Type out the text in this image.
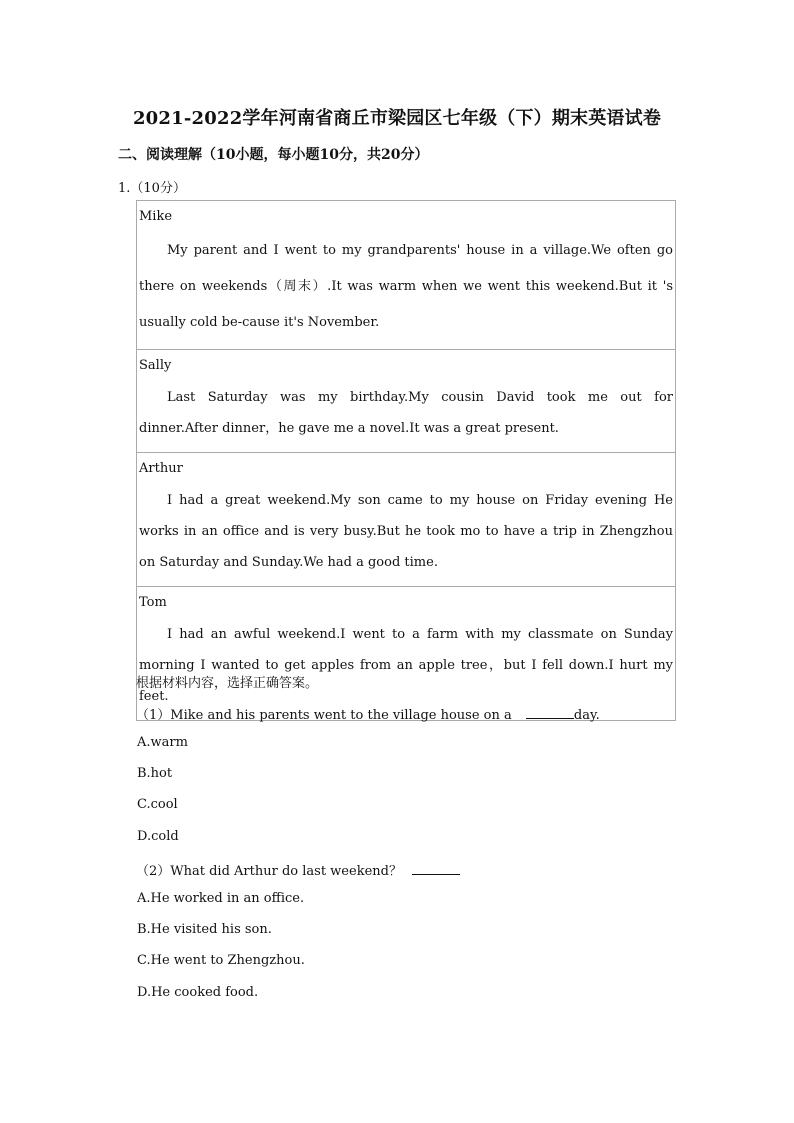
2021-2022学年河南省商丘市梁园区七年级（下）期末英语试卷
二、阅读理解（10小题，每小题10分，共20分）
1.（10分）
Mike
My parent and I went to my grandparents' house in a village.We often go there on weekends（周末）.It was warm when we went this weekend.But it 's usually cold be-cause it's November.

Sally
Last Saturday was my birthday.My cousin David took me out for dinner.After dinner，he gave me a novel.It was a great present.

Arthur
I had a great weekend.My son came to my house on Friday evening He works in an office and is very busy.But he took mo to have a trip in Zhengzhou on Saturday and Sunday.We had a good time.

Tom
I had an awful weekend.I went to a farm with my classmate on Sunday morning I wanted to get apples from an apple tree，but I fell down.I hurt my feet.
根据材料内容，选择正确答案。
（1）Mike and his parents went to the village house on a	day.
A.warm
B.hot
C.cool
D.cold
（2）What did Arthur do last weekend？
A.He worked in an office.
B.He visited his son.
C.He went to Zhengzhou.
D.He cooked food.
